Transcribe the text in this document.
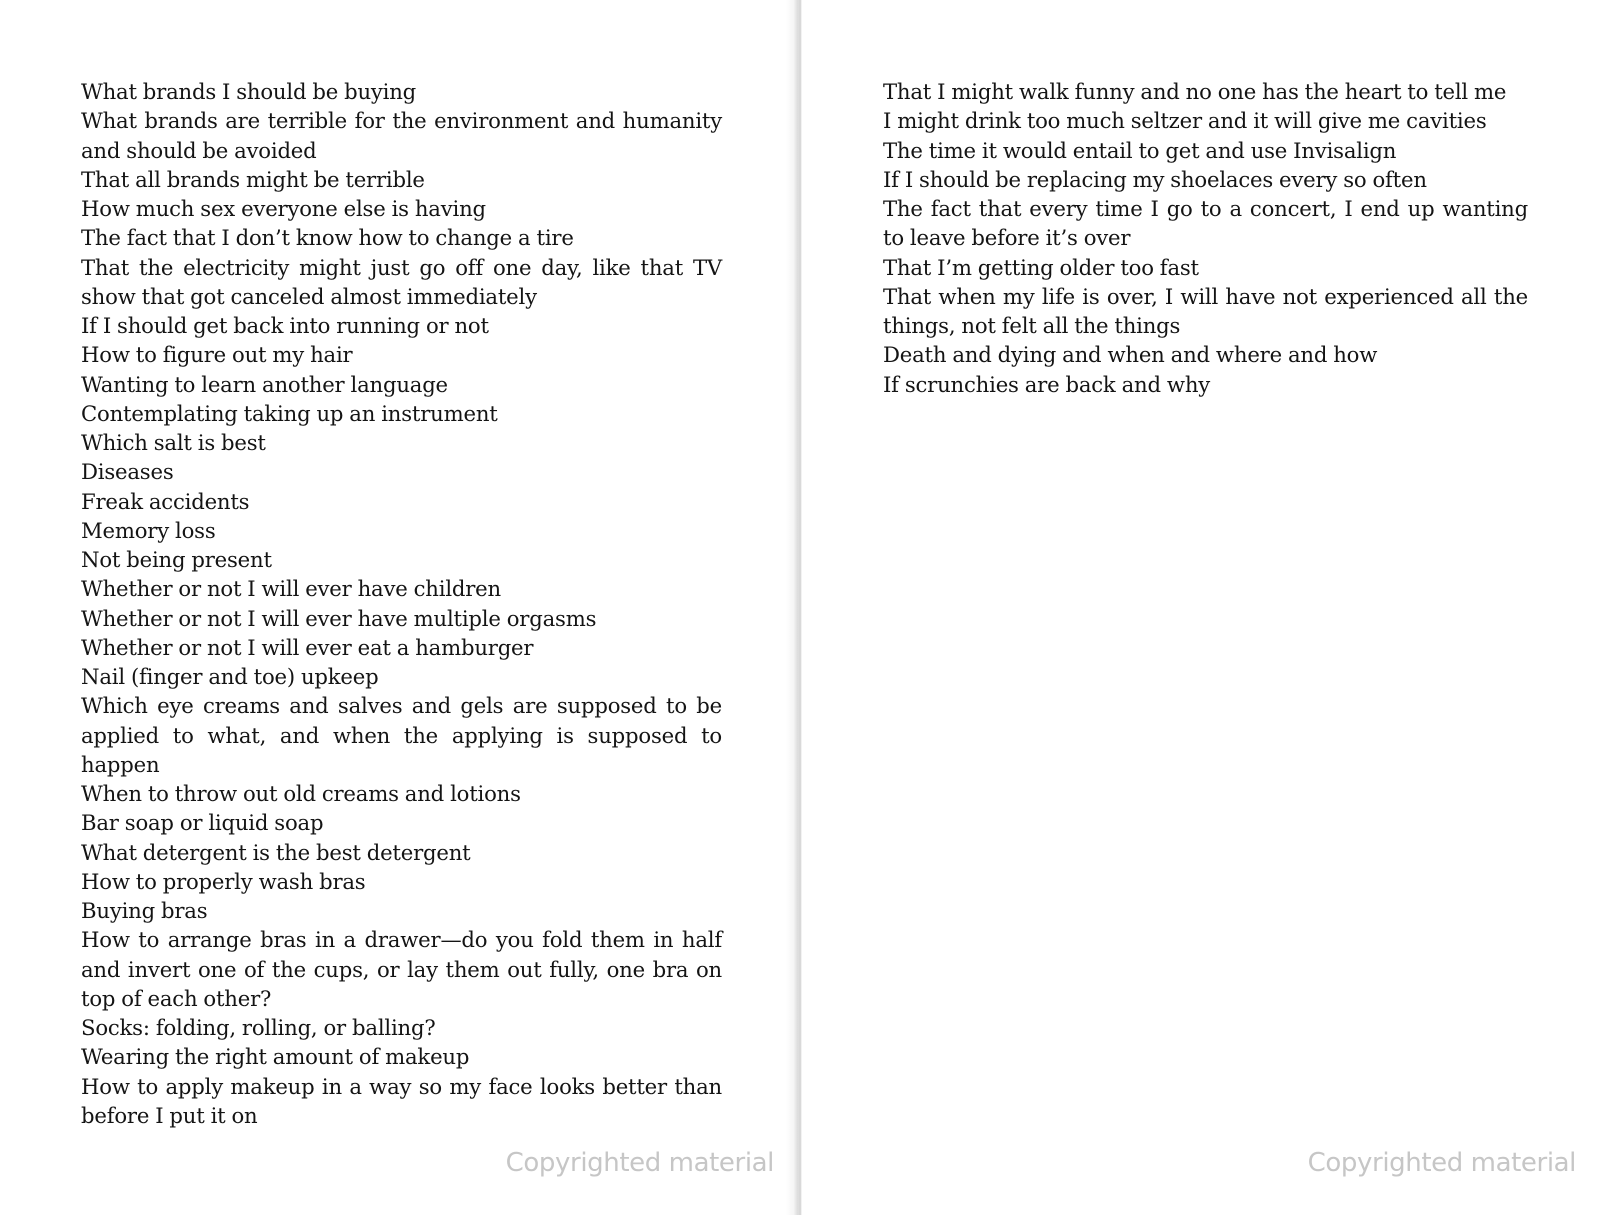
What brands I should be buying

What brands are terrible for the environment and humanity and should be avoided

That all brands might be terrible

How much sex everyone else is having

The fact that I don’t know how to change a tire

That the electricity might just go off one day, like that TV show that got canceled almost immediately

If I should get back into running or not

How to figure out my hair

Wanting to learn another language

Contemplating taking up an instrument

Which salt is best

Diseases

Freak accidents

Memory loss

Not being present

Whether or not I will ever have children

Whether or not I will ever have multiple orgasms

Whether or not I will ever eat a hamburger

Nail (finger and toe) upkeep

Which eye creams and salves and gels are supposed to be applied to what, and when the applying is supposed to happen

When to throw out old creams and lotions

Bar soap or liquid soap

What detergent is the best detergent

How to properly wash bras

Buying bras

How to arrange bras in a drawer—do you fold them in half and invert one of the cups, or lay them out fully, one bra on top of each other?

Socks: folding, rolling, or balling?

Wearing the right amount of makeup

How to apply makeup in a way so my face looks better than before I put it on

Copyrighted material

That I might walk funny and no one has the heart to tell me

I might drink too much seltzer and it will give me cavities

The time it would entail to get and use Invisalign

If I should be replacing my shoelaces every so often

The fact that every time I go to a concert, I end up wanting to leave before it’s over

That I’m getting older too fast

That when my life is over, I will have not experienced all the things, not felt all the things

Death and dying and when and where and how

If scrunchies are back and why

Copyrighted material
